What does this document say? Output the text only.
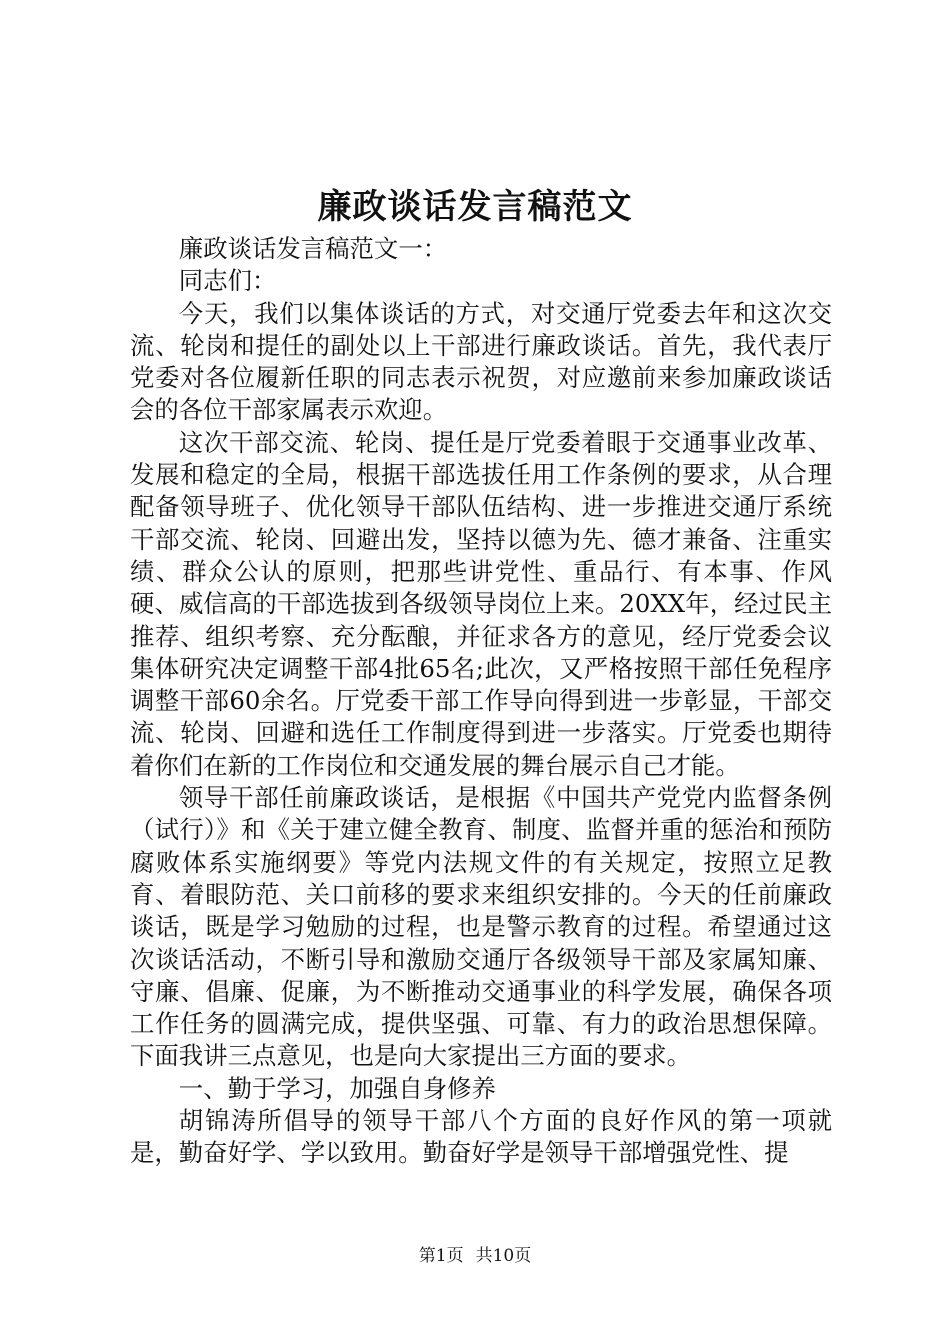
廉政谈话发言稿范文

廉政谈话发言稿范文一：

同志们：

今天，我们以集体谈话的方式，对交通厅党委去年和这次交流、轮岗和提任的副处以上干部进行廉政谈话。首先，我代表厅党委对各位履新任职的同志表示祝贺，对应邀前来参加廉政谈话会的各位干部家属表示欢迎。

这次干部交流、轮岗、提任是厅党委着眼于交通事业改革、发展和稳定的全局，根据干部选拔任用工作条例的要求，从合理配备领导班子、优化领导干部队伍结构、进一步推进交通厅系统干部交流、轮岗、回避出发，坚持以德为先、德才兼备、注重实绩、群众公认的原则，把那些讲党性、重品行、有本事、作风硬、威信高的干部选拔到各级领导岗位上来。20XX年，经过民主推荐、组织考察、充分酝酿，并征求各方的意见，经厅党委会议集体研究决定调整干部4批65名;此次，又严格按照干部任免程序调整干部60余名。厅党委干部工作导向得到进一步彰显，干部交流、轮岗、回避和选任工作制度得到进一步落实。厅党委也期待着你们在新的工作岗位和交通发展的舞台展示自己才能。

领导干部任前廉政谈话，是根据《中国共产党党内监督条例（试行）》和《关于建立健全教育、制度、监督并重的惩治和预防腐败体系实施纲要》等党内法规文件的有关规定，按照立足教育、着眼防范、关口前移的要求来组织安排的。今天的任前廉政谈话，既是学习勉励的过程，也是警示教育的过程。希望通过这次谈话活动，不断引导和激励交通厅各级领导干部及家属知廉、守廉、倡廉、促廉，为不断推动交通事业的科学发展，确保各项工作任务的圆满完成，提供坚强、可靠、有力的政治思想保障。下面我讲三点意见，也是向大家提出三方面的要求。

一、勤于学习，加强自身修养

胡锦涛所倡导的领导干部八个方面的良好作风的第一项就是，勤奋好学、学以致用。勤奋好学是领导干部增强党性、提

第1页 共10页
